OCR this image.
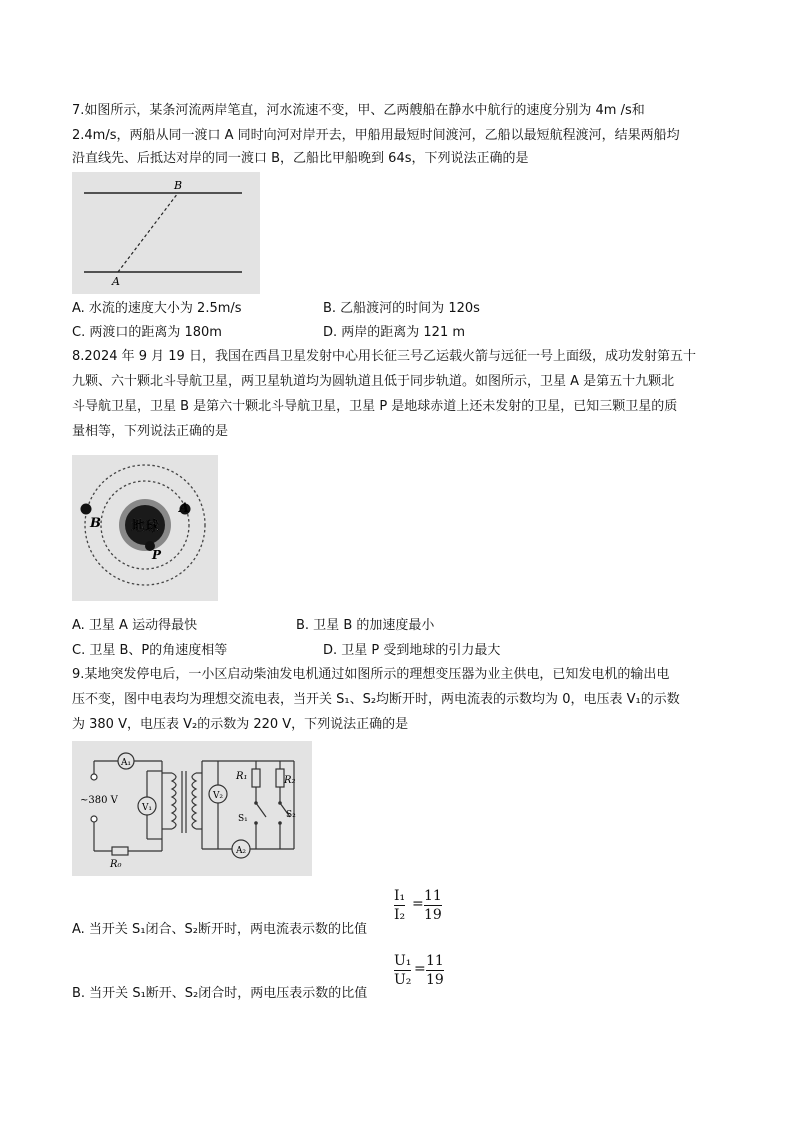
7.如图所示，某条河流两岸笔直，河水流速不变，甲、乙两艘船在静水中航行的速度分别为 4m /s和
2.4m/s，两船从同一渡口 A 同时向河对岸开去，甲船用最短时间渡河，乙船以最短航程渡河，结果两船均
沿直线先、后抵达对岸的同一渡口 B，乙船比甲船晚到 64s，下列说法正确的是
B
A
A. 水流的速度大小为 2.5m/s	B. 乙船渡河的时间为 120s
C. 两渡口的距离为 180m	D. 两岸的距离为 121 m
8.2024 年 9 月 19 日，我国在西昌卫星发射中心用长征三号乙运载火箭与远征一号上面级，成功发射第五十
九颗、六十颗北斗导航卫星，两卫星轨道均为圆轨道且低于同步轨道。如图所示，卫星 A 是第五十九颗北
斗导航卫星，卫星 B 是第六十颗北斗导航卫星，卫星 P 是地球赤道上还未发射的卫星，已知三颗卫星的质
量相等，下列说法正确的是
地球
B
A
P
A. 卫星 A 运动得最快	B. 卫星 B 的加速度最小
C. 卫星 B、P的角速度相等	D. 卫星 P 受到地球的引力最大
9.某地突发停电后，一小区启动柴油发电机通过如图所示的理想变压器为业主供电，已知发电机的输出电
压不变，图中电表均为理想交流电表，当开关 S₁、S₂均断开时，两电流表的示数均为 0，电压表 V₁的示数
为 380 V，电压表 V₂的示数为 220 V，下列说法正确的是
A₁
V₁
V₂
A₂
~380 V
R₁	R₂
R₀
S₁	S₂
A. 当开关 S₁闭合、S₂断开时，两电流表示数的比值
I₁
I₂
= 11
19
B. 当开关 S₁断开、S₂闭合时，两电压表示数的比值
U₁
U₂
= 11
19
